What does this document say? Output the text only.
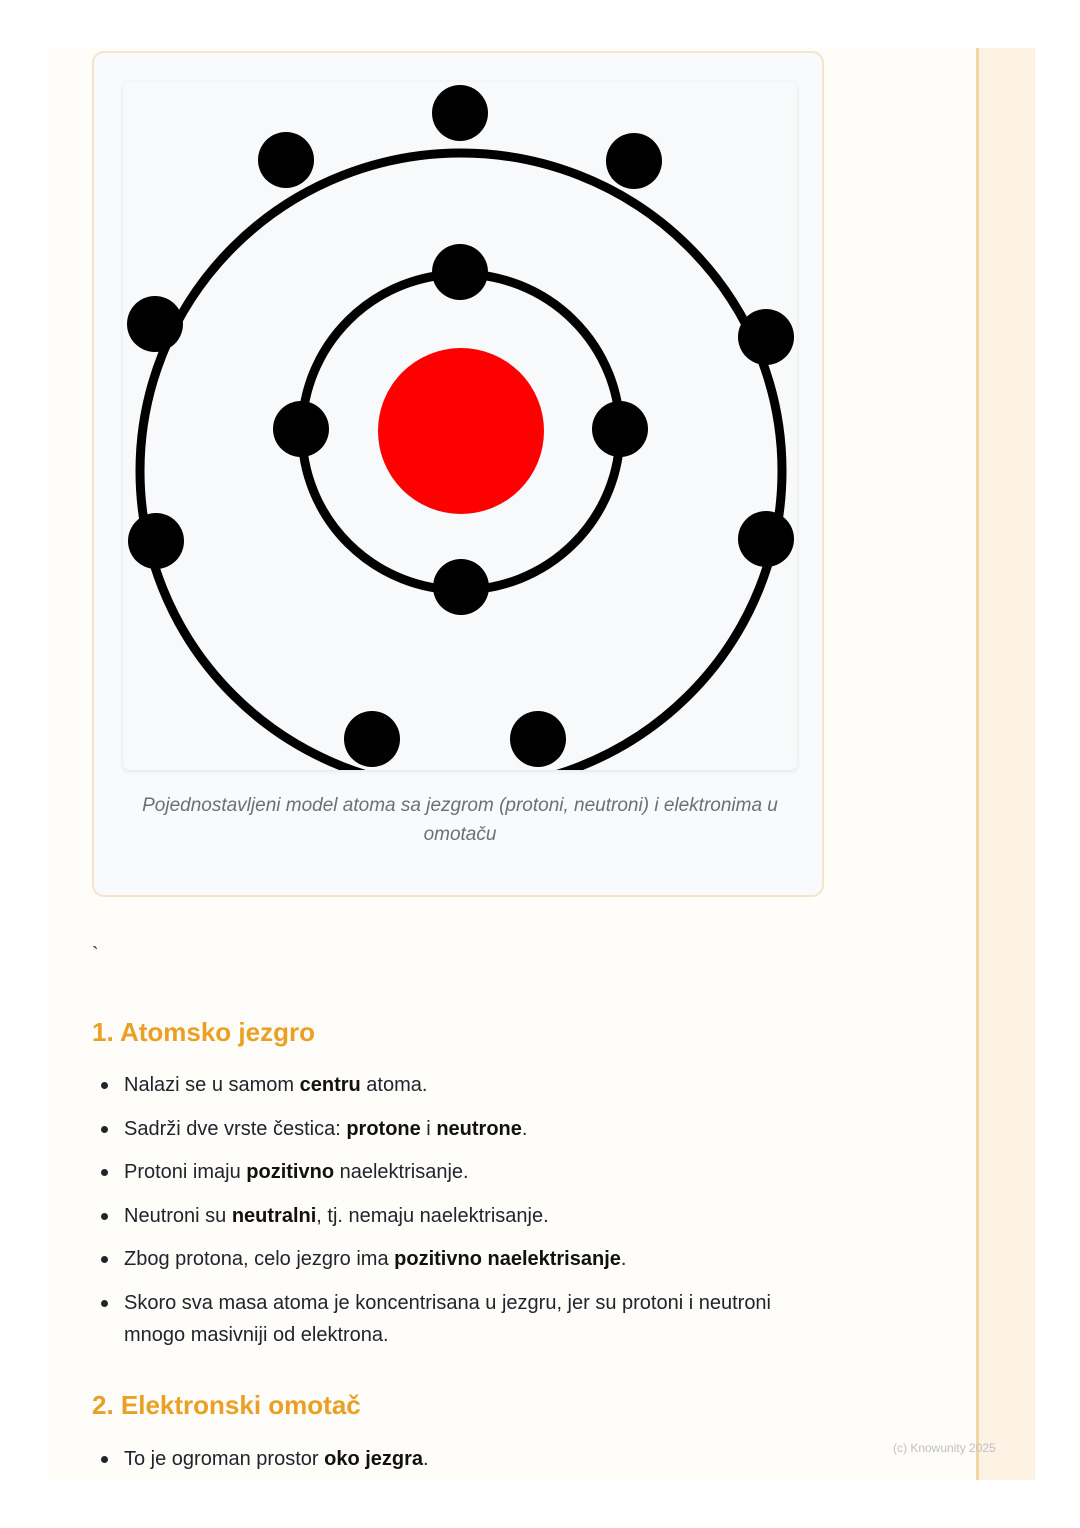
Pojednostavljeni model atoma sa jezgrom (protoni, neutroni) i elektronima u omotaču
`
1. Atomsko jezgro
Nalazi se u samom centru atoma.
Sadrži dve vrste čestica: protone i neutrone.
Protoni imaju pozitivno naelektrisanje.
Neutroni su neutralni, tj. nemaju naelektrisanje.
Zbog protona, celo jezgro ima pozitivno naelektrisanje.
Skoro sva masa atoma je koncentrisana u jezgru, jer su protoni i neutroni mnogo masivniji od elektrona.
2. Elektronski omotač
To je ogroman prostor oko jezgra.	(c) Knowunity 2025
